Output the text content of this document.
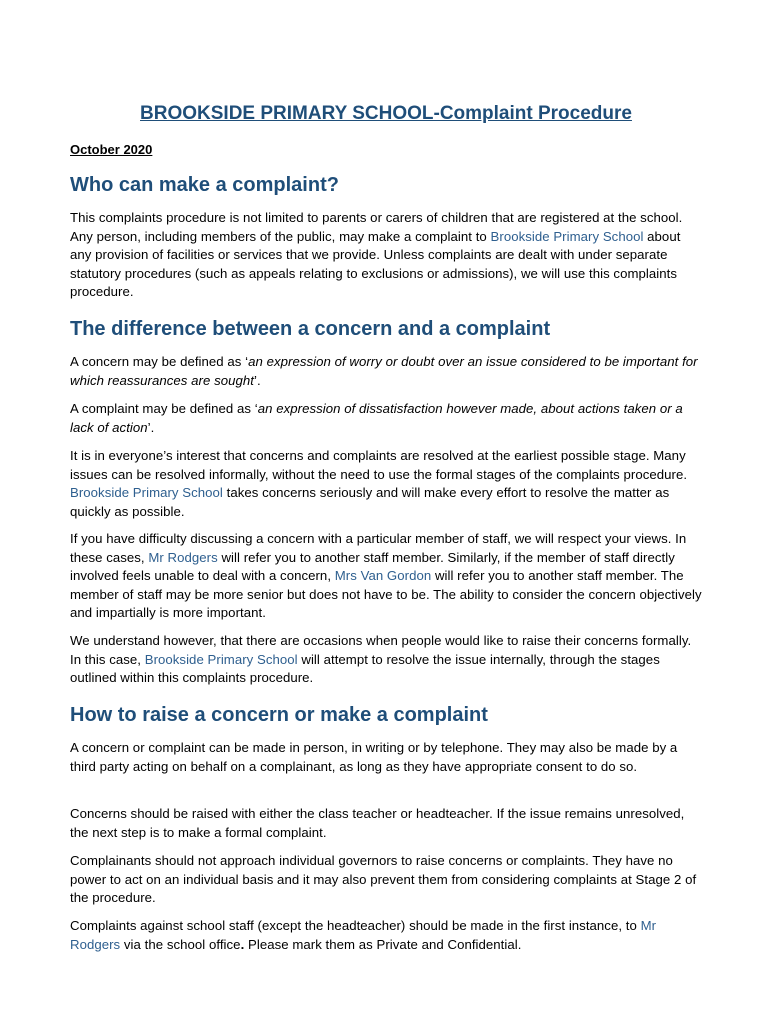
BROOKSIDE PRIMARY SCHOOL-Complaint Procedure

October 2020

Who can make a complaint?

This complaints procedure is not limited to parents or carers of children that are registered at the school. Any person, including members of the public, may make a complaint to Brookside Primary School about any provision of facilities or services that we provide. Unless complaints are dealt with under separate statutory procedures (such as appeals relating to exclusions or admissions), we will use this complaints procedure.

The difference between a concern and a complaint

A concern may be defined as ‘an expression of worry or doubt over an issue considered to be important for which reassurances are sought’.

A complaint may be defined as ‘an expression of dissatisfaction however made, about actions taken or a lack of action’.

It is in everyone’s interest that concerns and complaints are resolved at the earliest possible stage. Many issues can be resolved informally, without the need to use the formal stages of the complaints procedure. Brookside Primary School takes concerns seriously and will make every effort to resolve the matter as quickly as possible.

If you have difficulty discussing a concern with a particular member of staff, we will respect your views. In these cases, Mr Rodgers will refer you to another staff member. Similarly, if the member of staff directly involved feels unable to deal with a concern, Mrs Van Gordon will refer you to another staff member. The member of staff may be more senior but does not have to be. The ability to consider the concern objectively and impartially is more important.

We understand however, that there are occasions when people would like to raise their concerns formally. In this case, Brookside Primary School will attempt to resolve the issue internally, through the stages outlined within this complaints procedure.

How to raise a concern or make a complaint

A concern or complaint can be made in person, in writing or by telephone. They may also be made by a third party acting on behalf on a complainant, as long as they have appropriate consent to do so.

Concerns should be raised with either the class teacher or headteacher. If the issue remains unresolved, the next step is to make a formal complaint.

Complainants should not approach individual governors to raise concerns or complaints. They have no power to act on an individual basis and it may also prevent them from considering complaints at Stage 2 of the procedure.

Complaints against school staff (except the headteacher) should be made in the first instance, to Mr Rodgers via the school office. Please mark them as Private and Confidential.
